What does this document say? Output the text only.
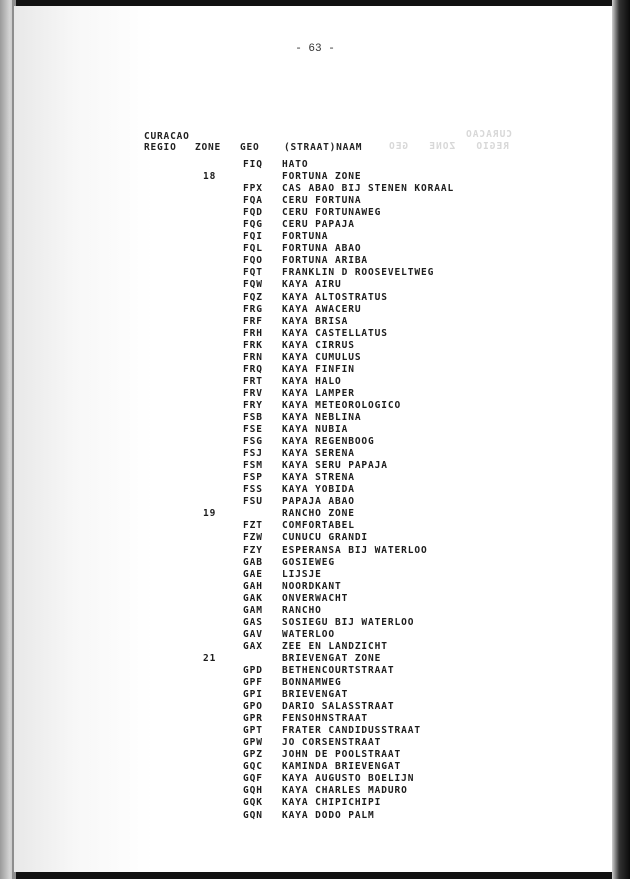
- 63 -
CURACAO
REGIO   ZONE   GEO
CURACAO
REGIO ZONE GEO	(STRAAT)NAAM
FIQ HATO
18	FORTUNA ZONE
FPX CAS ABAO BIJ STENEN KORAAL
FQA CERU FORTUNA
FQD CERU FORTUNAWEG
FQG CERU PAPAJA
FQI FORTUNA
FQL FORTUNA ABAO
FQO FORTUNA ARIBA
FQT FRANKLIN D ROOSEVELTWEG
FQW KAYA AIRU
FQZ KAYA ALTOSTRATUS
FRG KAYA AWACERU
FRF KAYA BRISA
FRH KAYA CASTELLATUS
FRK KAYA CIRRUS
FRN KAYA CUMULUS
FRQ KAYA FINFIN
FRT KAYA HALO
FRV KAYA LAMPER
FRY KAYA METEOROLOGICO
FSB KAYA NEBLINA
FSE KAYA NUBIA
FSG KAYA REGENBOOG
FSJ KAYA SERENA
FSM KAYA SERU PAPAJA
FSP KAYA STRENA
FSS KAYA YOBIDA
FSU PAPAJA ABAO
19	RANCHO ZONE
FZT COMFORTABEL
FZW CUNUCU GRANDI
FZY ESPERANSA BIJ WATERLOO
GAB GOSIEWEG
GAE LIJSJE
GAH NOORDKANT
GAK ONVERWACHT
GAM RANCHO
GAS SOSIEGU BIJ WATERLOO
GAV WATERLOO
GAX ZEE EN LANDZICHT
21	BRIEVENGAT ZONE
GPD BETHENCOURTSTRAAT
GPF BONNAMWEG
GPI BRIEVENGAT
GPO DARIO SALASSTRAAT
GPR FENSOHNSTRAAT
GPT FRATER CANDIDUSSTRAAT
GPW JO CORSENSTRAAT
GPZ JOHN DE POOLSTRAAT
GQC KAMINDA BRIEVENGAT
GQF KAYA AUGUSTO BOELIJN
GQH KAYA CHARLES MADURO
GQK KAYA CHIPICHIPI
GQN KAYA DODO PALM
